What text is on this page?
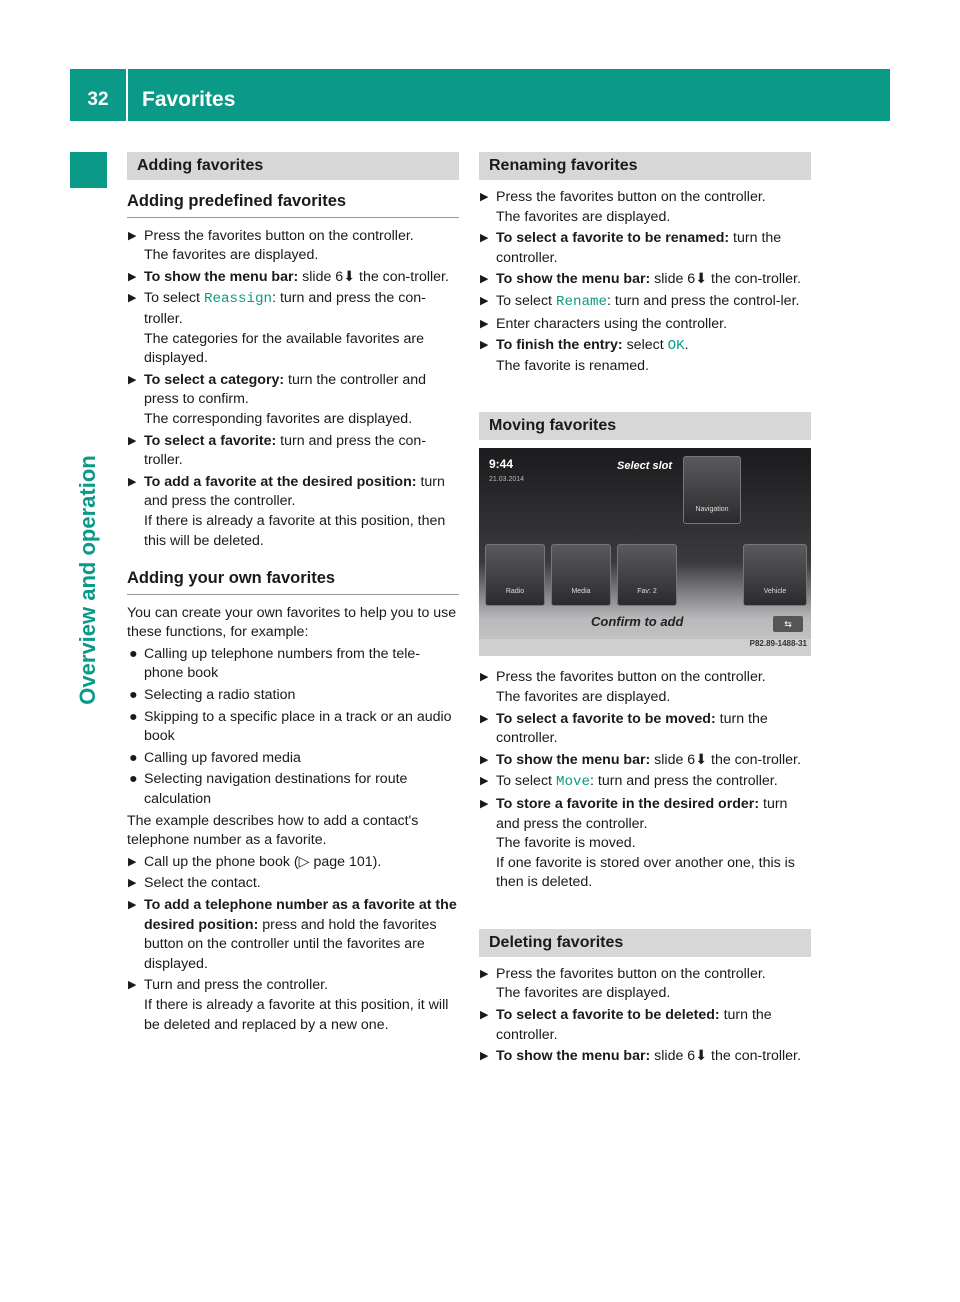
32	Favorites
Overview and operation
Adding favorites
Adding predefined favorites
▶ Press the favorites button on the controller.
The favorites are displayed.
▶ To show the menu bar: slide 6⬇ the con-troller.
▶ To select Reassign: turn and press the con-troller.
The categories for the available favorites are displayed.
▶ To select a category: turn the controller and press to confirm.
The corresponding favorites are displayed.
▶ To select a favorite: turn and press the con-troller.
▶ To add a favorite at the desired position: turn and press the controller.
If there is already a favorite at this position, then this will be deleted.
Adding your own favorites
You can create your own favorites to help you to use these functions, for example:
● Calling up telephone numbers from the tele-phone book
● Selecting a radio station
● Skipping to a specific place in a track or an audio book
● Calling up favored media
● Selecting navigation destinations for route calculation
The example describes how to add a contact's telephone number as a favorite.
▶ Call up the phone book (▷ page 101).
▶ Select the contact.
▶ To add a telephone number as a favorite at the desired position: press and hold the favorites button on the controller until the favorites are displayed.
▶ Turn and press the controller.
If there is already a favorite at this position, it will be deleted and replaced by a new one.
Renaming favorites
▶ Press the favorites button on the controller.
The favorites are displayed.
▶ To select a favorite to be renamed: turn the controller.
▶ To show the menu bar: slide 6⬇ the con-troller.
▶ To select Rename: turn and press the control-ler.
▶ Enter characters using the controller.
▶ To finish the entry: select OK.
The favorite is renamed.
Moving favorites
9:44
21.03.2014
Select slot
Navigation
Radio	Media	Fav: 2	Vehicle
Confirm to add	⇆
P82.89-1488-31
▶ Press the favorites button on the controller.
The favorites are displayed.
▶ To select a favorite to be moved: turn the controller.
▶ To show the menu bar: slide 6⬇ the con-troller.
▶ To select Move: turn and press the controller.
▶ To store a favorite in the desired order: turn and press the controller.
The favorite is moved.
If one favorite is stored over another one, this is then is deleted.
Deleting favorites
▶ Press the favorites button on the controller.
The favorites are displayed.
▶ To select a favorite to be deleted: turn the controller.
▶ To show the menu bar: slide 6⬇ the con-troller.
